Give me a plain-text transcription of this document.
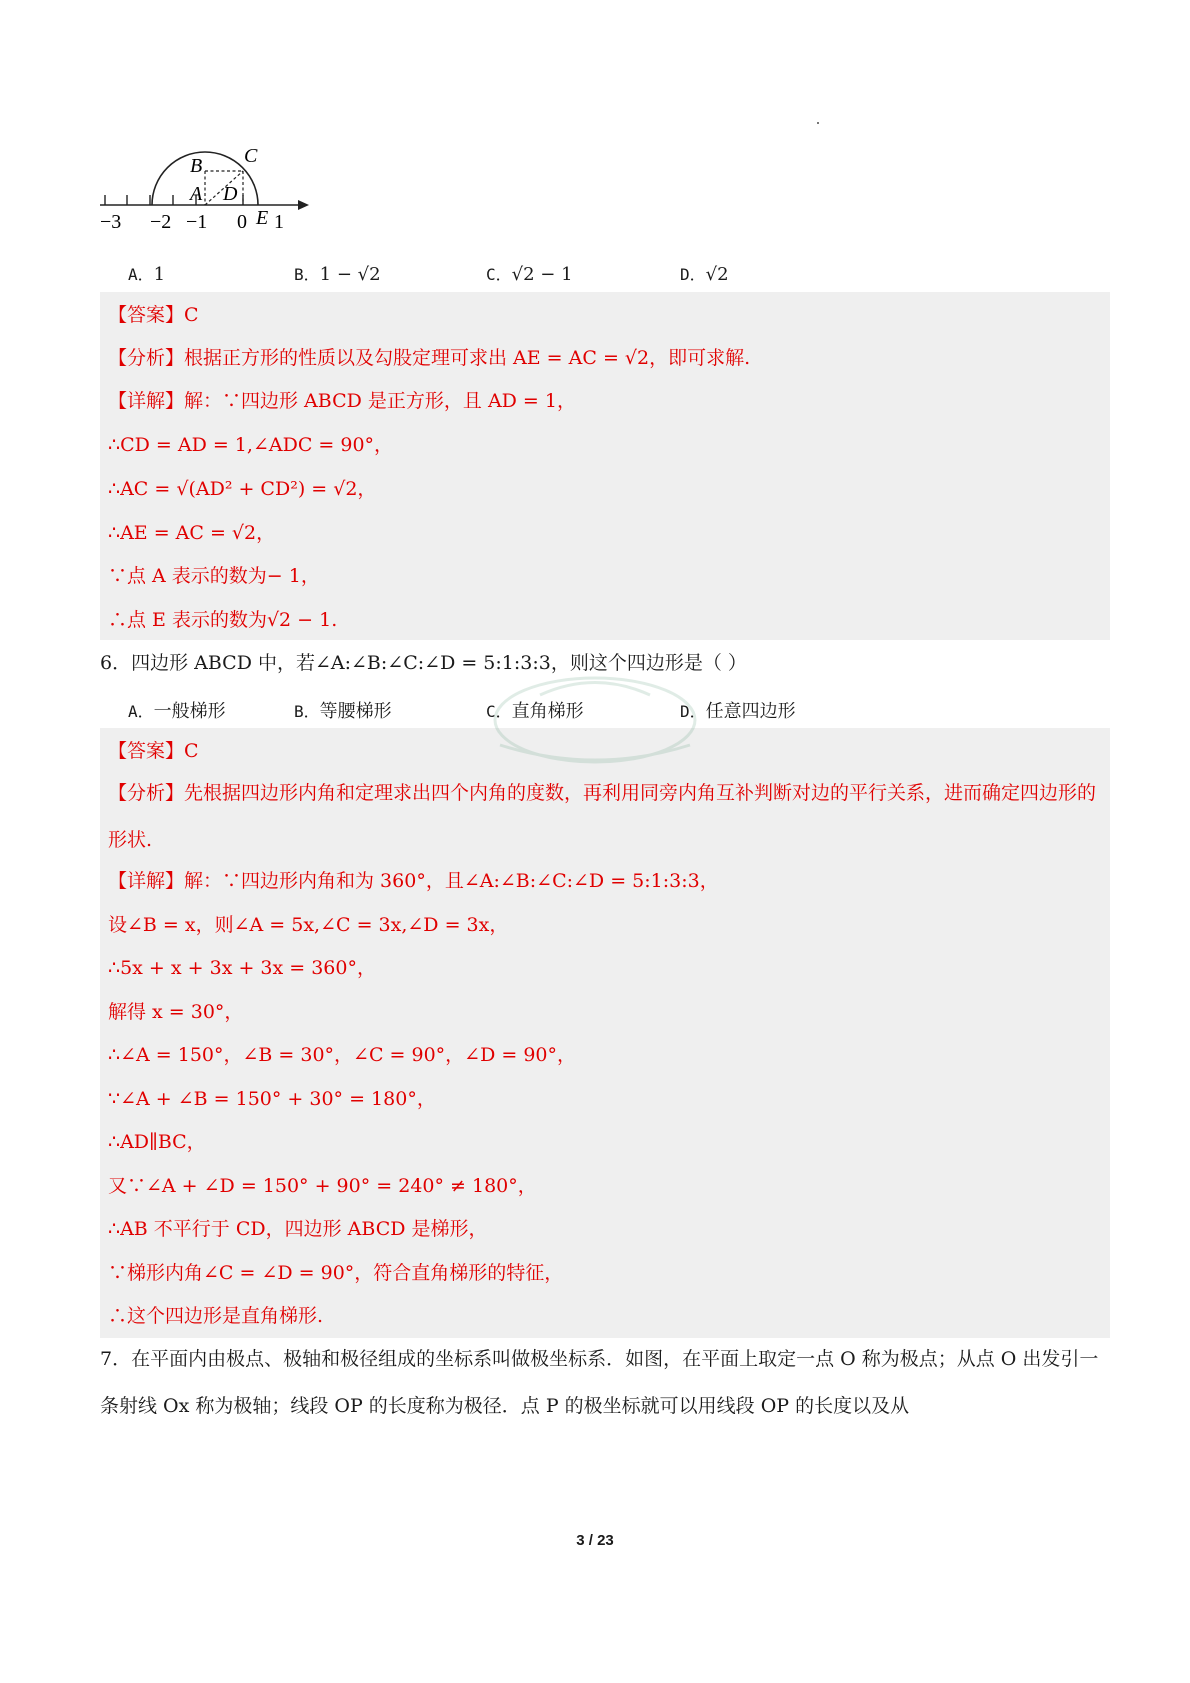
C
B
A D
E
−3 −2 −1 0 1
A．1	B．1 − √2	C．√2 − 1	D．√2
【答案】C
【分析】根据正方形的性质以及勾股定理可求出 AE = AC = √2，即可求解.
【详解】解：∵四边形 ABCD 是正方形，且 AD = 1，
∴CD = AD = 1,∠ADC = 90°，
∴AC = √(AD² + CD²) = √2，
∴AE = AC = √2，
∵点 A 表示的数为− 1，
∴点 E 表示的数为√2 − 1.
6．四边形 ABCD 中，若∠A:∠B:∠C:∠D = 5:1:3:3，则这个四边形是（ ）
A．一般梯形	B．等腰梯形	C．直角梯形	D．任意四边形
【答案】C
【分析】先根据四边形内角和定理求出四个内角的度数，再利用同旁内角互补判断对边的平行关系，进而确定四边形的形状.
【详解】解：∵四边形内角和为 360°，且∠A:∠B:∠C:∠D = 5:1:3:3，
设∠B = x，则∠A = 5x,∠C = 3x,∠D = 3x，
∴5x + x + 3x + 3x = 360°，
解得 x = 30°，
∴∠A = 150°，∠B = 30°，∠C = 90°，∠D = 90°，
∵∠A + ∠B = 150° + 30° = 180°，
∴AD∥BC，
又∵∠A + ∠D = 150° + 90° = 240° ≠ 180°，
∴AB 不平行于 CD，四边形 ABCD 是梯形，
∵梯形内角∠C = ∠D = 90°，符合直角梯形的特征，
∴这个四边形是直角梯形.
7．在平面内由极点、极轴和极径组成的坐标系叫做极坐标系．如图，在平面上取定一点 O 称为极点；从点 O 出发引一条射线 Ox 称为极轴；线段 OP 的长度称为极径．点 P 的极坐标就可以用线段 OP 的长度以及从
3 / 23
